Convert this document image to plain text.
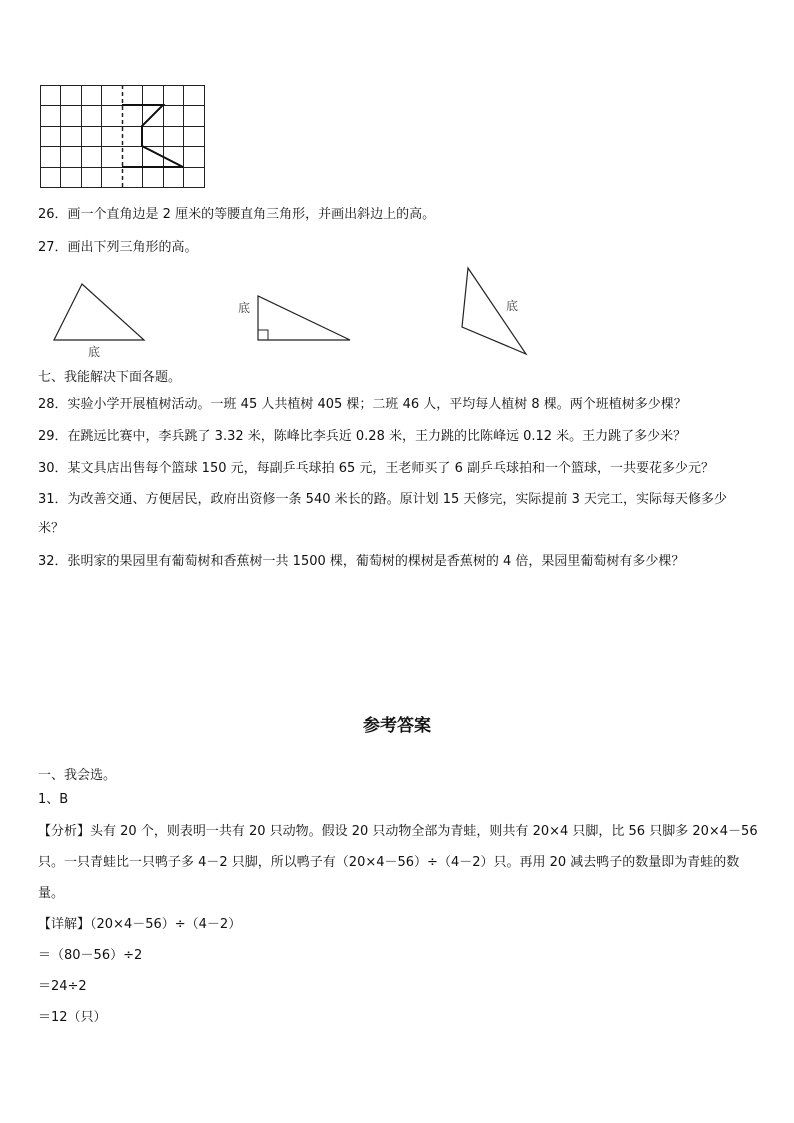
26．画一个直角边是 2 厘米的等腰直角三角形，并画出斜边上的高。
27．画出下列三角形的高。
底
底	底
七、我能解决下面各题。
28．实验小学开展植树活动。一班 45 人共植树 405 棵；二班 46 人，平均每人植树 8 棵。两个班植树多少棵？
29．在跳远比赛中，李兵跳了 3.32 米，陈峰比李兵近 0.28 米，王力跳的比陈峰远 0.12 米。王力跳了多少米？
30．某文具店出售每个篮球 150 元，每副乒乓球拍 65 元，王老师买了 6 副乒乓球拍和一个篮球，一共要花多少元？
31．为改善交通、方便居民，政府出资修一条 540 米长的路。原计划 15 天修完，实际提前 3 天完工，实际每天修多少
米？
32．张明家的果园里有葡萄树和香蕉树一共 1500 棵，葡萄树的棵树是香蕉树的 4 倍，果园里葡萄树有多少棵？
参考答案
一、我会选。
1、B
【分析】头有 20 个，则表明一共有 20 只动物。假设 20 只动物全部为青蛙，则共有 20×4 只脚，比 56 只脚多 20×4－56
只。一只青蛙比一只鸭子多 4－2 只脚，所以鸭子有（20×4－56）÷（4－2）只。再用 20 减去鸭子的数量即为青蛙的数
量。
【详解】（20×4－56）÷（4－2）
＝（80－56）÷2
＝24÷2
＝12（只）
